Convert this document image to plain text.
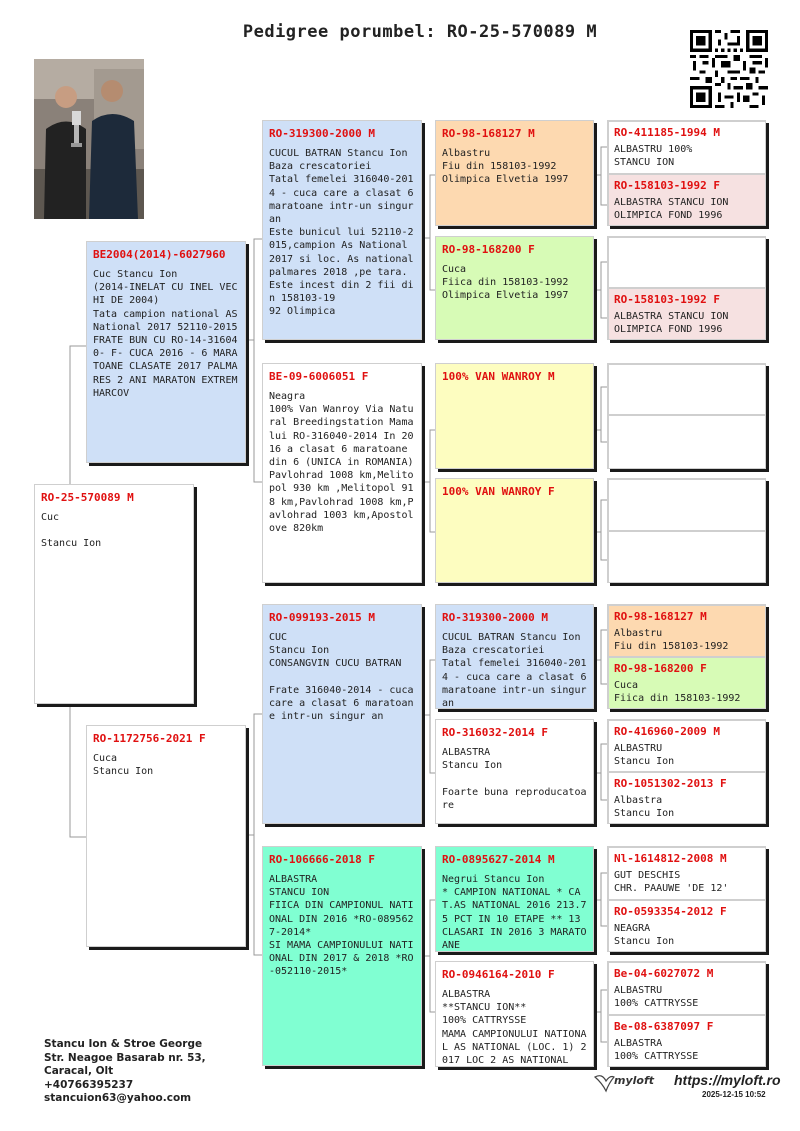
Pedigree porumbel: RO-25-570089 M
RO-25-570089 M
Cuc

Stancu Ion
BE2004(2014)-6027960
Cuc Stancu Ion
(2014-INELAT CU INEL VECHI DE 2004)
Tata campion national AS National 2017 52110-2015 FRATE BUN CU RO-14-316040- F- CUCA 2016 - 6 MARATOANE CLASATE 2017 PALMARES 2 ANI MARATON EXTREM HARCOV
RO-1172756-2021 F
Cuca
Stancu Ion
RO-319300-2000 M
CUCUL BATRAN Stancu Ion
Baza crescatoriei
Tatal femelei 316040-2014 - cuca care a clasat 6 maratoane intr-un singur an
Este bunicul lui 52110-2015,campion As National 2017 si loc. As national palmares 2018 ,pe tara. Este incest din 2 fii din 158103-19
92 Olimpica
BE-09-6006051 F
Neagra
100% Van Wanroy Via Natural Breedingstation Mama lui RO-316040-2014 In 2016 a clasat 6 maratoane din 6 (UNICA in ROMANIA) Pavlohrad 1008 km,Melitopol 930 km ,Melitopol 918 km,Pavlohrad 1008 km,Pavlohrad 1003 km,Apostolove 820km
RO-099193-2015 M
CUC
Stancu Ion
CONSANGVIN CUCU BATRAN

Frate 316040-2014 - cuca care a clasat 6 maratoane intr-un singur an
RO-106666-2018 F
ALBASTRA
STANCU ION
FIICA DIN CAMPIONUL NATIONAL DIN 2016 *RO-0895627-2014*
SI MAMA CAMPIONULUI NATIONAL DIN 2017 & 2018 *RO-052110-2015*
RO-98-168127 M
Albastru
Fiu din 158103-1992
Olimpica Elvetia 1997
RO-98-168200 F
Cuca
Fiica din 158103-1992
Olimpica Elvetia 1997
100% VAN WANROY M
100% VAN WANROY F
RO-319300-2000 M
CUCUL BATRAN Stancu Ion
Baza crescatoriei
Tatal femelei 316040-2014 - cuca care a clasat 6 maratoane intr-un singur an
RO-316032-2014 F
ALBASTRA
Stancu Ion

Foarte buna reproducatoare
RO-0895627-2014 M
Negrui Stancu Ion
* CAMPION NATIONAL * CAT.AS NATIONAL 2016 213.75 PCT IN 10 ETAPE ** 13 CLASARI IN 2016 3 MARATOANE
RO-0946164-2010 F
ALBASTRA
**STANCU ION**
100% CATTRYSSE
MAMA CAMPIONULUI NATIONAL AS NATIONAL (LOC. 1) 2017 LOC 2 AS NATIONAL
RO-411185-1994 M
ALBASTRU 100%
STANCU ION
RO-158103-1992 F
ALBASTRA STANCU ION
OLIMPICA FOND 1996
RO-158103-1992 F
ALBASTRA STANCU ION
OLIMPICA FOND 1996
RO-98-168127 M
Albastru
Fiu din 158103-1992
RO-98-168200 F
Cuca
Fiica din 158103-1992
RO-416960-2009 M
ALBASTRU
Stancu Ion
RO-1051302-2013 F
Albastra
Stancu Ion
Nl-1614812-2008 M
GUT DESCHIS
CHR. PAAUWE 'DE 12'
RO-0593354-2012 F
NEAGRA
Stancu Ion
Be-04-6027072 M
ALBASTRU
100% CATTRYSSE
Be-08-6387097 F
ALBASTRA
100% CATTRYSSE
Stancu Ion & Stroe George
Str. Neagoe Basarab nr. 53,
Caracal, Olt
+40766395237
stancuion63@yahoo.com
myloft https://myloft.ro
2025-12-15 10:52
